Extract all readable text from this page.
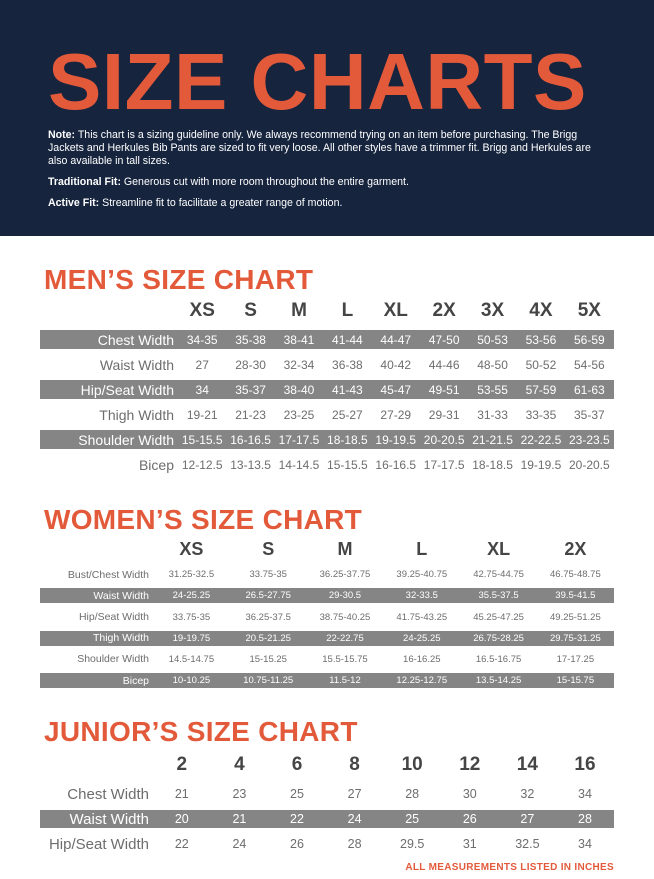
SIZE CHARTS

Note: This chart is a sizing guideline only. We always recommend trying on an item before purchasing. The Brigg Jackets and Herkules Bib Pants are sized to fit very loose. All other styles have a trimmer fit. Brigg and Herkules are also available in tall sizes.

Traditional Fit: Generous cut with more room throughout the entire garment.

Active Fit: Streamline fit to facilitate a greater range of motion.

MEN’S SIZE CHART
XS	S	M	L	XL	2X	3X	4X	5X
Chest Width	34-35	35-38	38-41	41-44	44-47	47-50	50-53	53-56	56-59
Waist Width	27	28-30	32-34	36-38	40-42	44-46	48-50	50-52	54-56
Hip/Seat Width	34	35-37	38-40	41-43	45-47	49-51	53-55	57-59	61-63
Thigh Width	19-21	21-23	23-25	25-27	27-29	29-31	31-33	33-35	35-37
Shoulder Width 15-15.5 16-16.5 17-17.5 18-18.5 19-19.5 20-20.5 21-21.5 22-22.5 23-23.5
Bicep 12-12.5 13-13.5 14-14.5 15-15.5 16-16.5 17-17.5 18-18.5 19-19.5 20-20.5
WOMEN’S SIZE CHART
XS	S	M	L	XL	2X
Bust/Chest Width	31.25-32.5	33.75-35	36.25-37.75	39.25-40.75	42.75-44.75	46.75-48.75
Waist Width	24-25.25	26.5-27.75	29-30.5	32-33.5	35.5-37.5	39.5-41.5
Hip/Seat Width	33.75-35	36.25-37.5	38.75-40.25	41.75-43.25	45.25-47.25	49.25-51.25
Thigh Width	19-19.75	20.5-21.25	22-22.75	24-25.25	26.75-28.25	29.75-31.25
Shoulder Width	14.5-14.75	15-15.25	15.5-15.75	16-16.25	16.5-16.75	17-17.25
Bicep	10-10.25	10.75-11.25	11.5-12	12.25-12.75	13.5-14.25	15-15.75
JUNIOR’S SIZE CHART
2	4	6	8	10	12	14	16
Chest Width	21	23	25	27	28	30	32	34
Waist Width	20	21	22	24	25	26	27	28
Hip/Seat Width	22	24	26	28	29.5	31	32.5	34
ALL MEASUREMENTS LISTED IN INCHES
